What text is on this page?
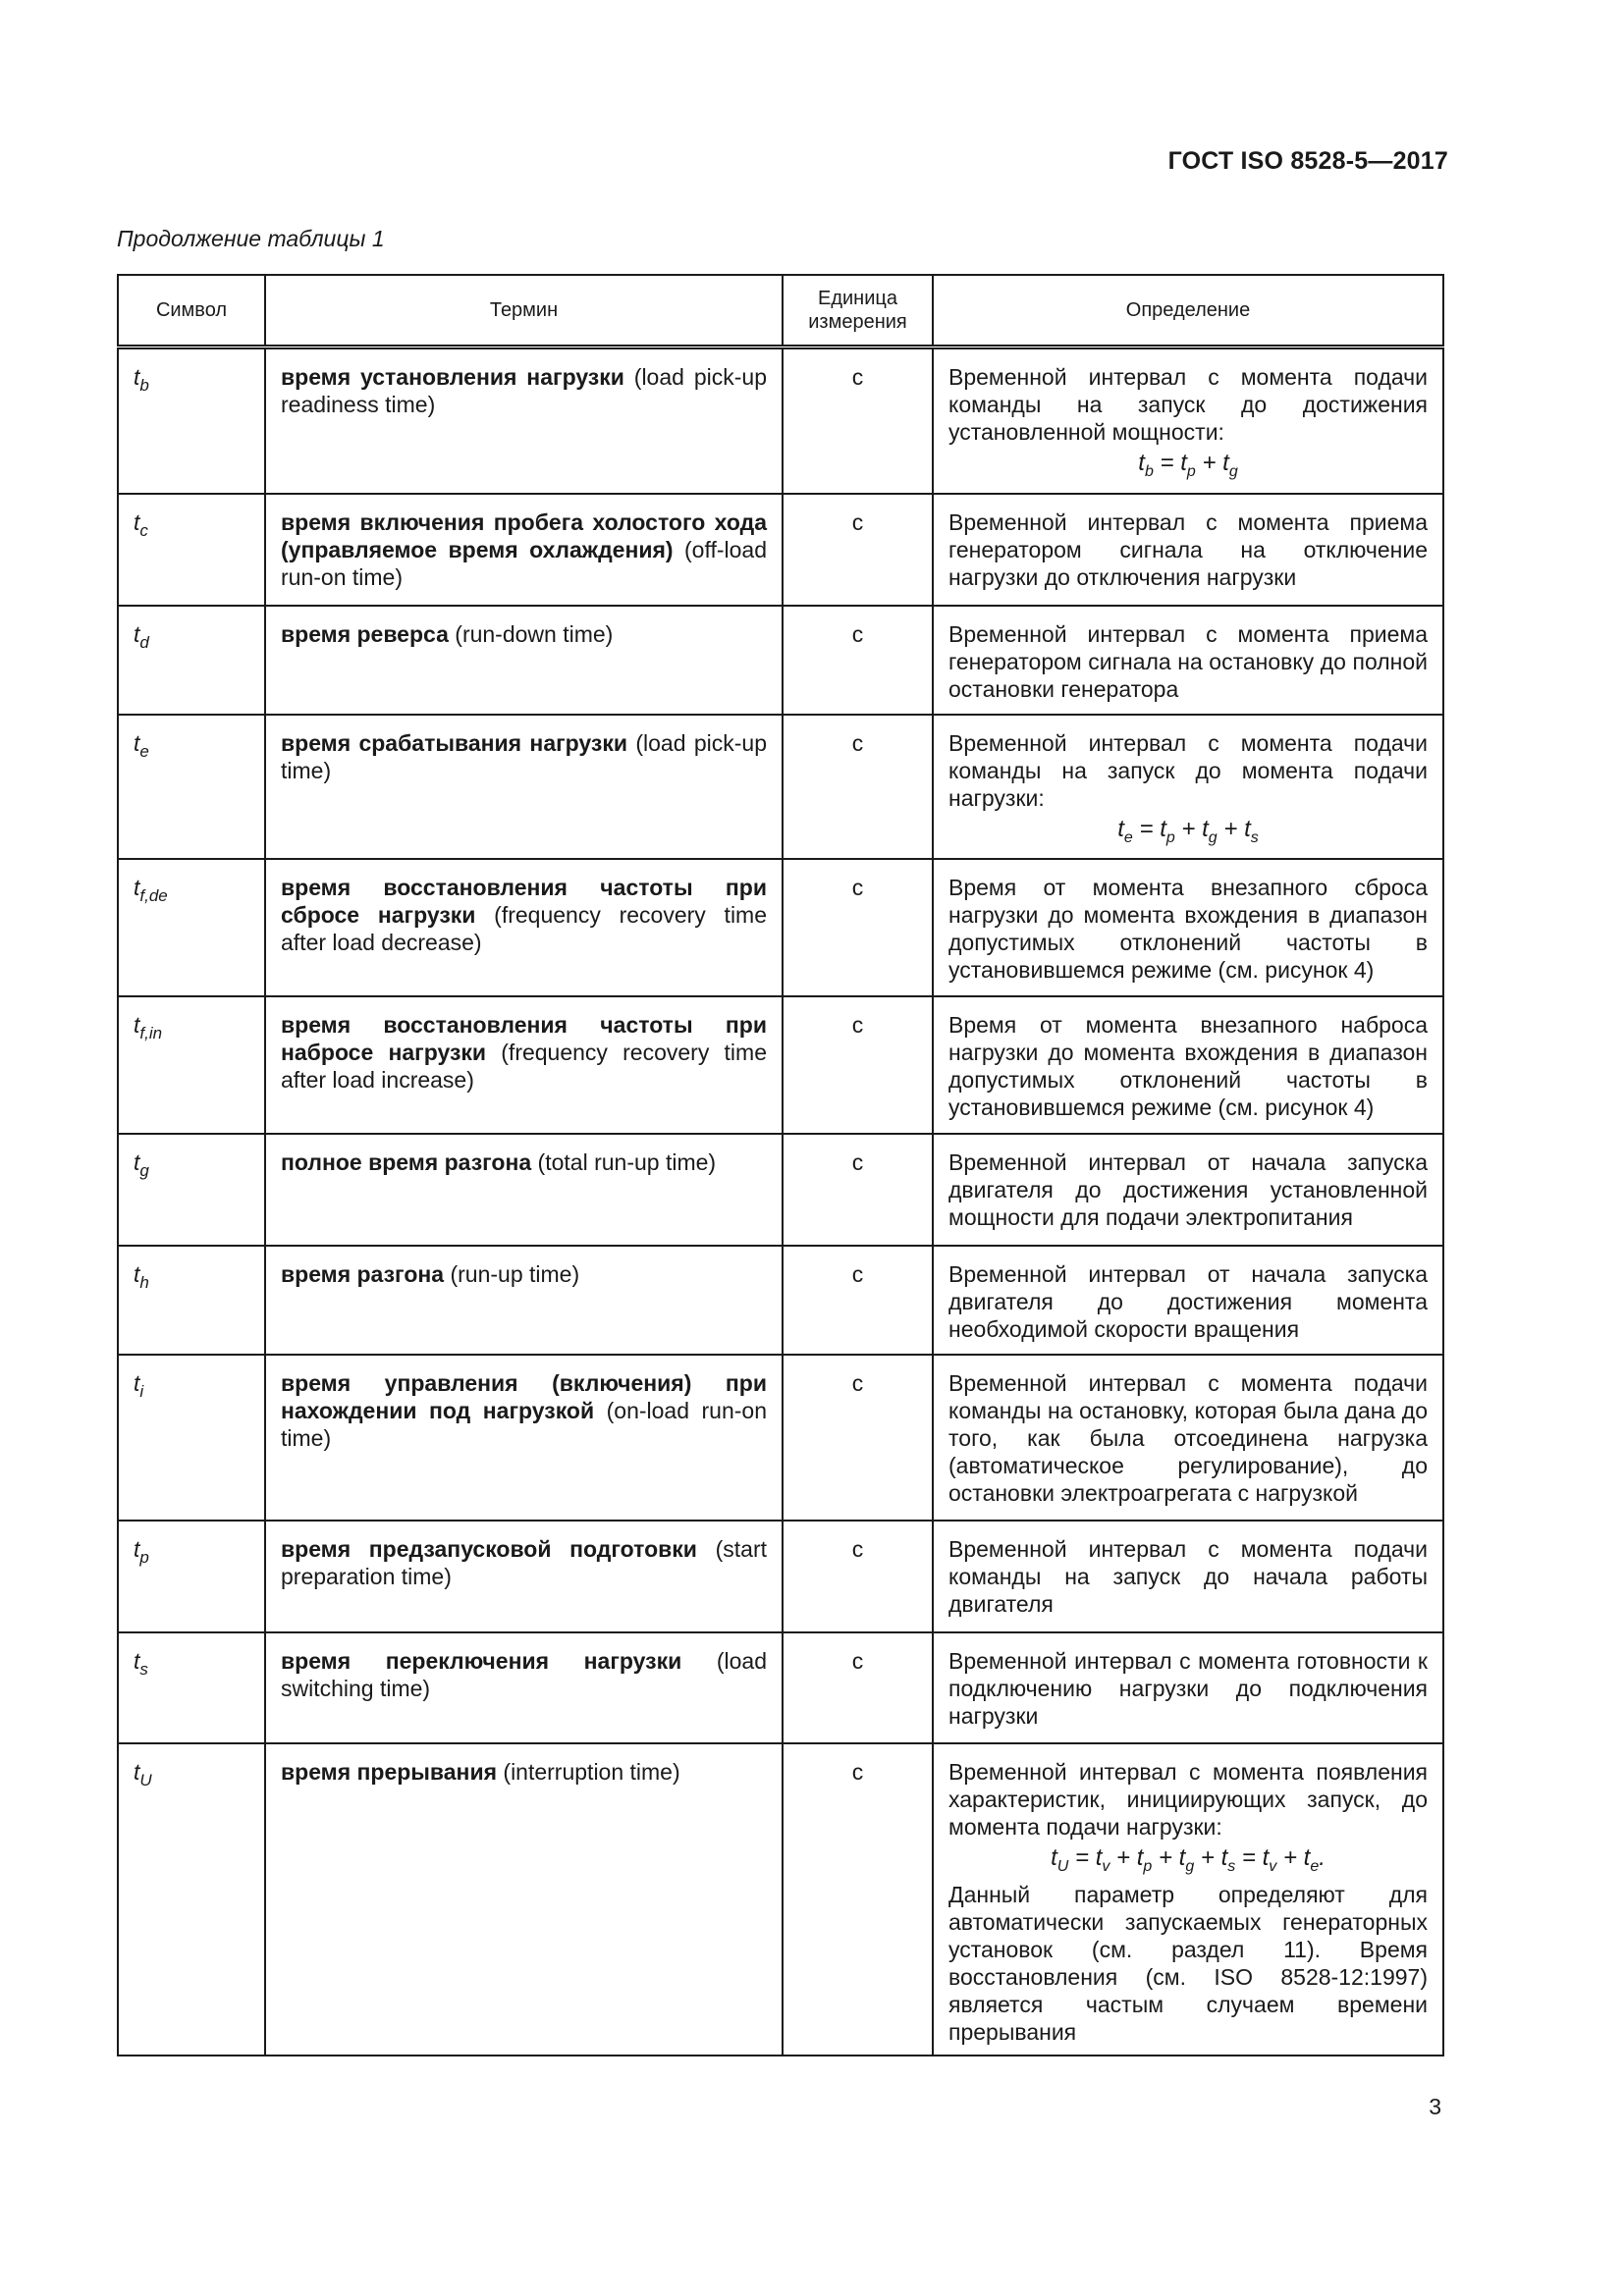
ГОСТ ISO 8528-5—2017
Продолжение таблицы 1
Символ	Термин	Единица измерения	Определение
$t_b$	время установления нагрузки (load pick-up readiness time)	с	Временной интервал с момента подачи команды на запуск до достижения установленной мощности:
$t_b = t_p + t_g$

$t_c$	время включения пробега холостого хода (управляемое время охлаждения) (off-load run-on time)	с	Временной интервал с момента приема генератором сигнала на отключение нагрузки до отключения нагрузки
$t_d$	время реверса (run-down time)	с	Временной интервал с момента приема генератором сигнала на остановку до полной остановки генератора
$t_e$	время срабатывания нагрузки (load pick-up time)	с	Временной интервал с момента подачи команды на запуск до момента подачи нагрузки:
$t_e = t_p + t_g + t_s$

$t_{f,de}$	время восстановления частоты при сбросе нагрузки (frequency recovery time after load decrease)	с	Время от момента внезапного сброса нагрузки до момента вхождения в диапазон допустимых отклонений частоты в установившемся режиме (см. рисунок 4)
$t_{f,in}$	время восстановления частоты при набросе нагрузки (frequency recovery time after load increase)	с	Время от момента внезапного наброса нагрузки до момента вхождения в диапазон допустимых отклонений частоты в установившемся режиме (см. рисунок 4)
$t_g$	полное время разгона (total run-up time)	с	Временной интервал от начала запуска двигателя до достижения установленной мощности для подачи электропитания
$t_h$	время разгона (run-up time)	с	Временной интервал от начала запуска двигателя до достижения момента необходимой скорости вращения
$t_i$	время управления (включения) при нахождении под нагрузкой (on-load run-on time)	с	Временной интервал с момента подачи команды на остановку, которая была дана до того, как была отсоединена нагрузка (автоматическое регулирование), до остановки электроагрегата с нагрузкой
$t_p$	время предзапусковой подготовки (start preparation time)	с	Временной интервал с момента подачи команды на запуск до начала работы двигателя
$t_s$	время переключения нагрузки (load switching time)	с	Временной интервал с момента готовности к подключению нагрузки до подключения нагрузки
$t_U$	время прерывания (interruption time)	с	Временной интервал с момента появления характеристик, инициирующих запуск, до момента подачи нагрузки:
$t_U = t_v + t_p + t_g + t_s = t_v + t_e$.
Данный параметр определяют для автоматически запускаемых генераторных установок (см. раздел 11). Время восстановления (см. ISO 8528-12:1997) является частым случаем времени прерывания
3
